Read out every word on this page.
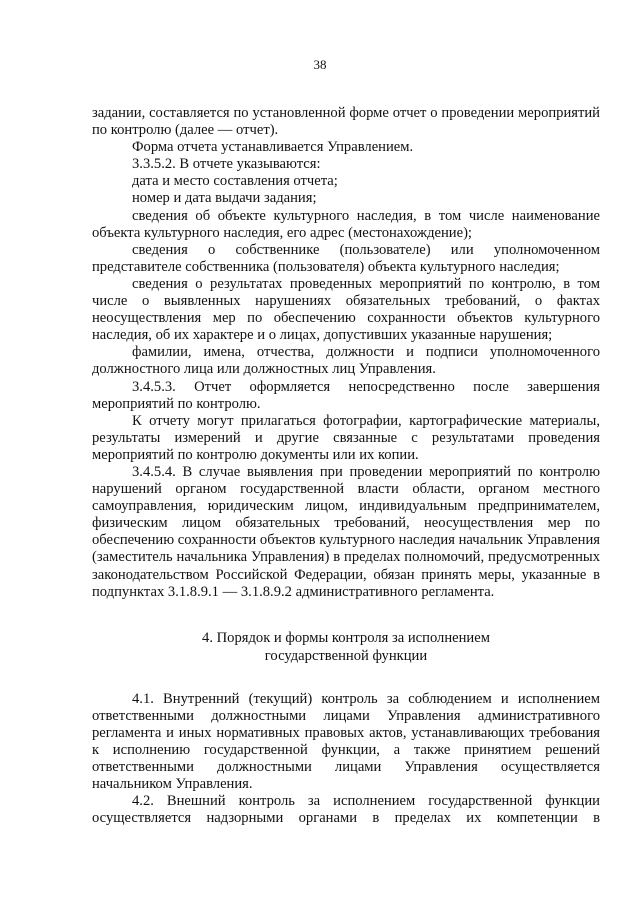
38

задании, составляется по установленной форме отчет о проведении мероприятий по контролю (далее — отчет).

Форма отчета устанавливается Управлением.

3.3.5.2. В отчете указываются:

дата и место составления отчета;

номер и дата выдачи задания;

сведения об объекте культурного наследия, в том числе наименование объекта культурного наследия, его адрес (местонахождение);

сведения о собственнике (пользователе) или уполномоченном представителе собственника (пользователя) объекта культурного наследия;

сведения о результатах проведенных мероприятий по контролю, в том числе о выявленных нарушениях обязательных требований, о фактах неосуществления мер по обеспечению сохранности объектов культурного наследия, об их характере и о лицах, допустивших указанные нарушения;

фамилии, имена, отчества, должности и подписи уполномоченного должностного лица или должностных лиц Управления.

3.4.5.3. Отчет оформляется непосредственно после завершения мероприятий по контролю.

К отчету могут прилагаться фотографии, картографические материалы, результаты измерений и другие связанные с результатами проведения мероприятий по контролю документы или их копии.

3.4.5.4. В случае выявления при проведении мероприятий по контролю нарушений органом государственной власти области, органом местного самоуправления, юридическим лицом, индивидуальным предпринимателем, физическим лицом обязательных требований, неосуществления мер по обеспечению сохранности объектов культурного наследия начальник Управления (заместитель начальника Управления) в пределах полномочий, предусмотренных законодательством Российской Федерации, обязан принять меры, указанные в подпунктах 3.1.8.9.1 — 3.1.8.9.2 административного регламента.

4. Порядок и формы контроля за исполнением
государственной функции

4.1. Внутренний (текущий) контроль за соблюдением и исполнением ответственными должностными лицами Управления административного регламента и иных нормативных правовых актов, устанавливающих требования к исполнению государственной функции, а также принятием решений ответственными должностными лицами Управления осуществляется начальником Управления.

4.2. Внешний контроль за исполнением государственной функции осуществляется надзорными органами в пределах их компетенции в
